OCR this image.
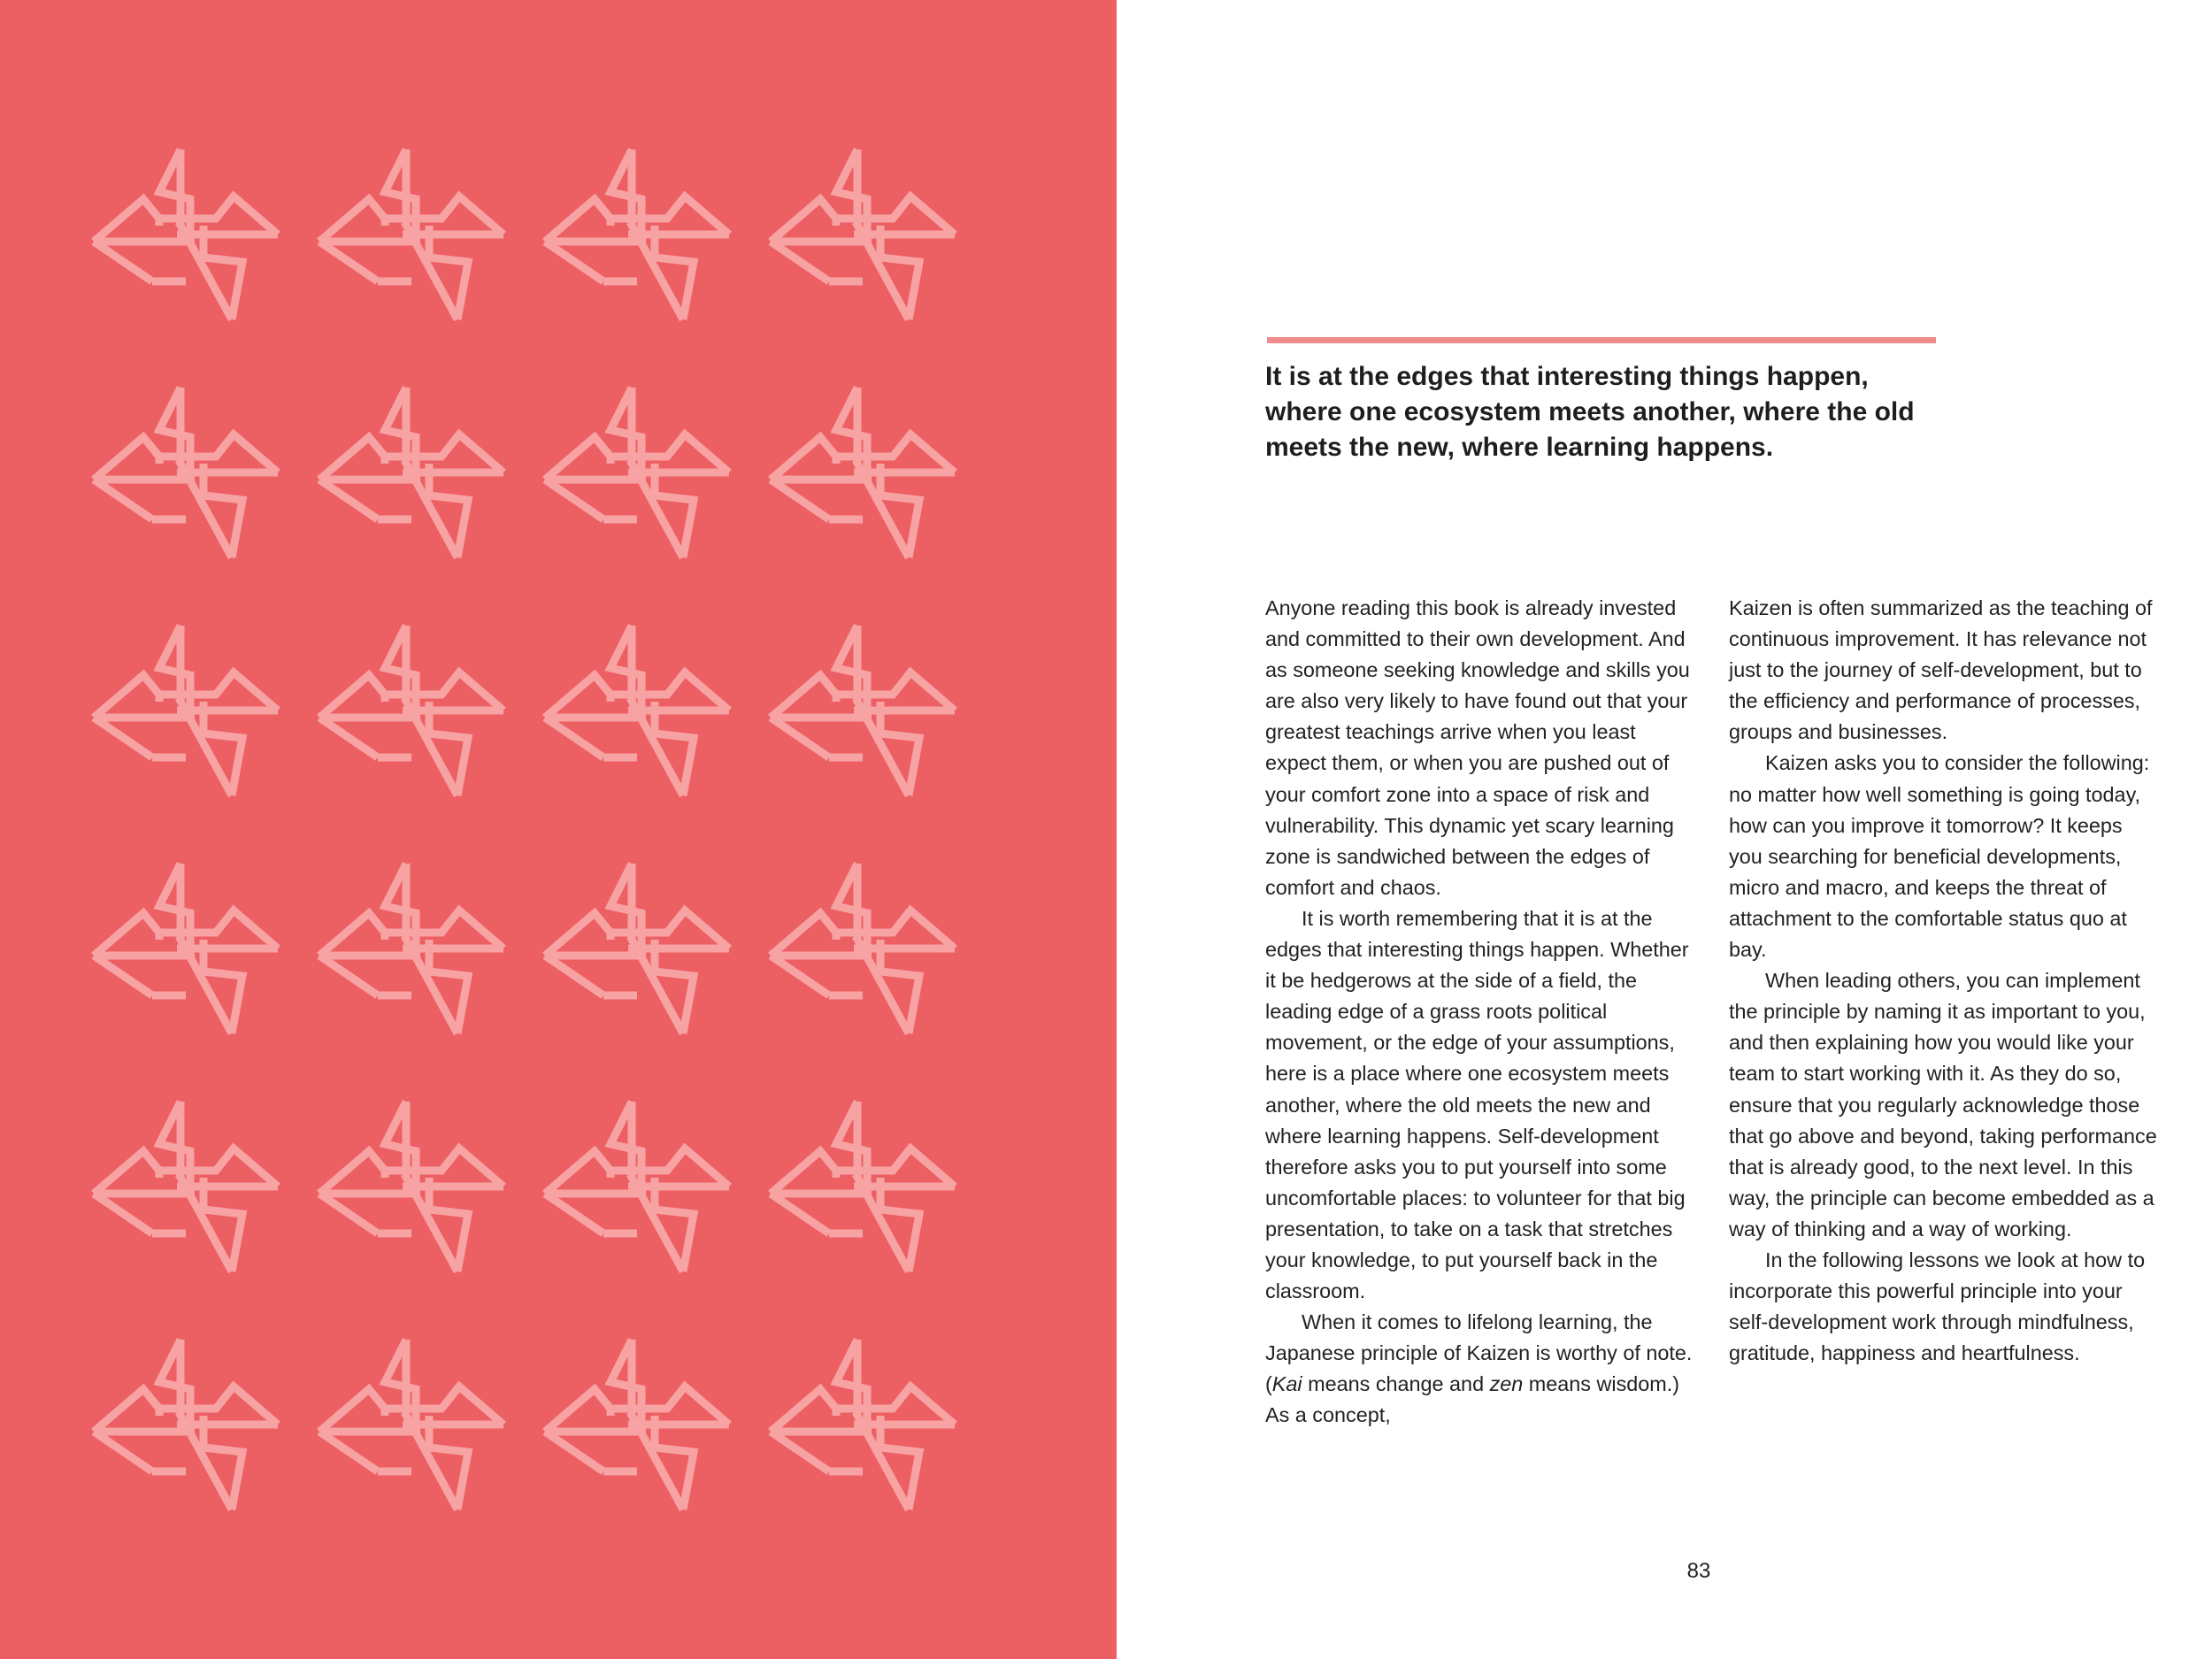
It is at the edges that interesting things happen, where one ecosystem meets another, where the old meets the new, where learning happens.

Anyone reading this book is already invested and committed to their own development. And as someone seeking knowledge and skills you are also very likely to have found out that your greatest teachings arrive when you least expect them, or when you are pushed out of your comfort zone into a space of risk and vulnerability. This dynamic yet scary learning zone is sandwiched between the edges of comfort and chaos.

It is worth remembering that it is at the edges that interesting things happen. Whether it be hedgerows at the side of a field, the leading edge of a grass roots political movement, or the edge of your assumptions, here is a place where one ecosystem meets another, where the old meets the new and where learning happens. Self-development therefore asks you to put yourself into some uncomfortable places: to volunteer for that big presentation, to take on a task that stretches your knowledge, to put yourself back in the classroom.

When it comes to lifelong learning, the Japanese principle of Kaizen is worthy of note. (Kai means change and zen means wisdom.) As a concept,

Kaizen is often summarized as the teaching of continuous improvement. It has relevance not just to the journey of self-development, but to the efficiency and performance of processes, groups and businesses.

Kaizen asks you to consider the following: no matter how well something is going today, how can you improve it tomorrow? It keeps you searching for beneficial developments, micro and macro, and keeps the threat of attachment to the comfortable status quo at bay.

When leading others, you can implement the principle by naming it as important to you, and then explaining how you would like your team to start working with it. As they do so, ensure that you regularly acknowledge those that go above and beyond, taking performance that is already good, to the next level. In this way, the principle can become embedded as a way of thinking and a way of working.

In the following lessons we look at how to incorporate this powerful principle into your self-development work through mindfulness, gratitude, happiness and heartfulness.

83
